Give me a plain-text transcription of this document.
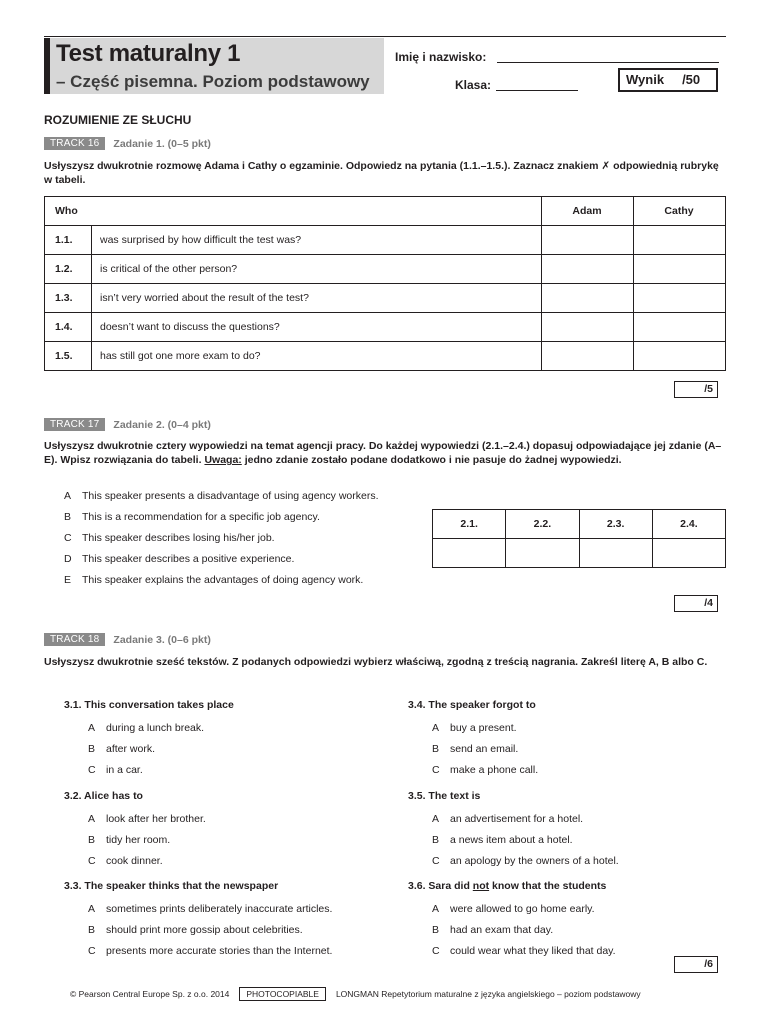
Test maturalny 1
– Część pisemna. Poziom podstawowy
Imię i nazwisko:
Klasa:	Wynik /50
ROZUMIENIE ZE SŁUCHU
TRACK 16	Zadanie 1. (0–5 pkt)
Usłyszysz dwukrotnie rozmowę Adama i Cathy o egzaminie. Odpowiedz na pytania (1.1.–1.5.). Zaznacz znakiem ✗ odpowiednią rubrykę w tabeli.
Who		Adam	Cathy
1.1.	was surprised by how difficult the test was?		
1.2.	is critical of the other person?		
1.3.	isn’t very worried about the result of the test?		
1.4.	doesn’t want to discuss the questions?		
1.5.	has still got one more exam to do?		
/5
TRACK 17	Zadanie 2. (0–4 pkt)
Usłyszysz dwukrotnie cztery wypowiedzi na temat agencji pracy. Do każdej wypowiedzi (2.1.–2.4.) dopasuj odpowiadające jej zdanie (A–E). Wpisz rozwiązania do tabeli. Uwaga: jedno zdanie zostało podane dodatkowo i nie pasuje do żadnej wypowiedzi.
A This speaker presents a disadvantage of using agency workers.
B This is a recommendation for a specific job agency.
C This speaker describes losing his/her job.
D This speaker describes a positive experience.
E This speaker explains the advantages of doing agency work.
2.1.	2.2.	2.3.	2.4.

/4
TRACK 18	Zadanie 3. (0–6 pkt)
Usłyszysz dwukrotnie sześć tekstów. Z podanych odpowiedzi wybierz właściwą, zgodną z treścią nagrania. Zakreśl literę A, B albo C.
3.1. This conversation takes place
A during a lunch break.
B after work.
C in a car.
3.2. Alice has to
A look after her brother.
B tidy her room.
C cook dinner.
3.3. The speaker thinks that the newspaper
A sometimes prints deliberately inaccurate articles.
B should print more gossip about celebrities.
C presents more accurate stories than the Internet.
3.4. The speaker forgot to
A buy a present.
B send an email.
C make a phone call.
3.5. The text is
A an advertisement for a hotel.
B a news item about a hotel.
C an apology by the owners of a hotel.
3.6. Sara did not know that the students
A were allowed to go home early.
B had an exam that day.
C could wear what they liked that day.
/6
© Pearson Central Europe Sp. z o.o. 2014	PHOTOCOPIABLE	LONGMAN Repetytorium maturalne z języka angielskiego – poziom podstawowy
